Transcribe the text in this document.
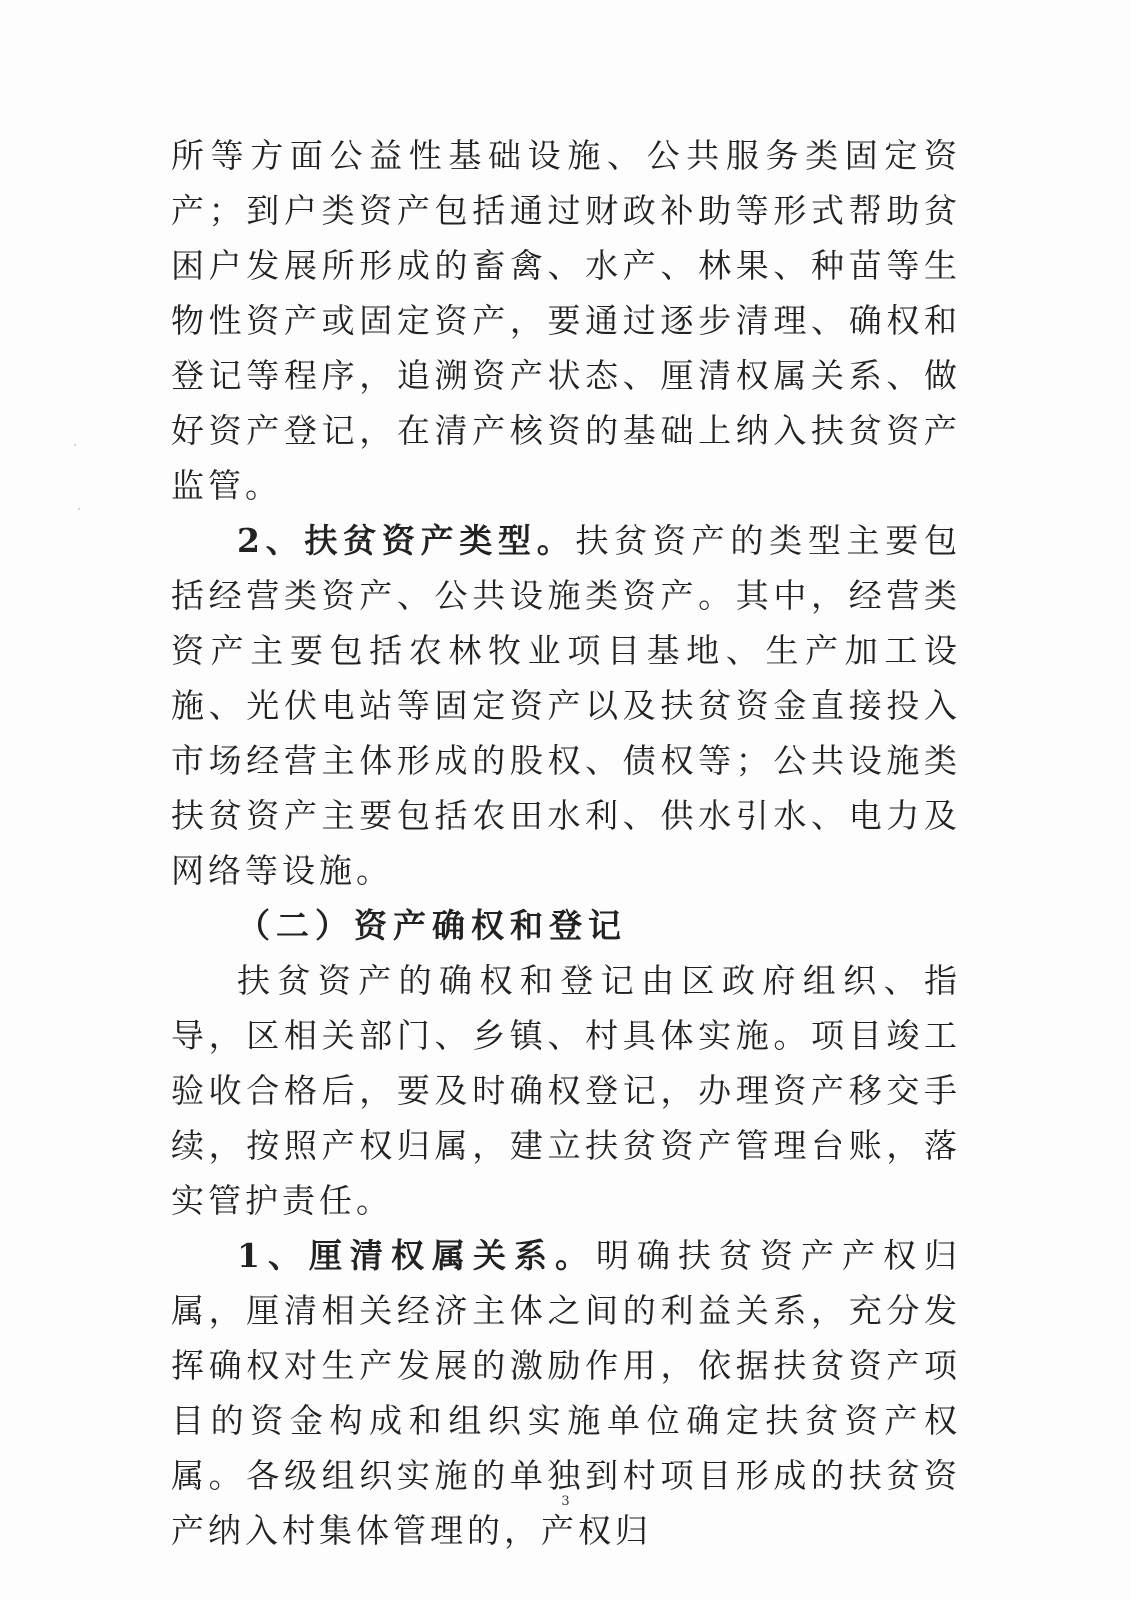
所等方面公益性基础设施、公共服务类固定资产；到户类资产包括通过财政补助等形式帮助贫困户发展所形成的畜禽、水产、林果、种苗等生物性资产或固定资产，要通过逐步清理、确权和登记等程序，追溯资产状态、厘清权属关系、做好资产登记，在清产核资的基础上纳入扶贫资产监管。

2、扶贫资产类型。扶贫资产的类型主要包括经营类资产、公共设施类资产。其中，经营类资产主要包括农林牧业项目基地、生产加工设施、光伏电站等固定资产以及扶贫资金直接投入市场经营主体形成的股权、债权等；公共设施类扶贫资产主要包括农田水利、供水引水、电力及网络等设施。

（二）资产确权和登记

扶贫资产的确权和登记由区政府组织、指导，区相关部门、乡镇、村具体实施。项目竣工验收合格后，要及时确权登记，办理资产移交手续，按照产权归属，建立扶贫资产管理台账，落实管护责任。

1、厘清权属关系。明确扶贫资产产权归属，厘清相关经济主体之间的利益关系，充分发挥确权对生产发展的激励作用，依据扶贫资产项目的资金构成和组织实施单位确定扶贫资产权属。各级组织实施的单独到村项目形成的扶贫资产纳入村集体管理的，产权归

3
